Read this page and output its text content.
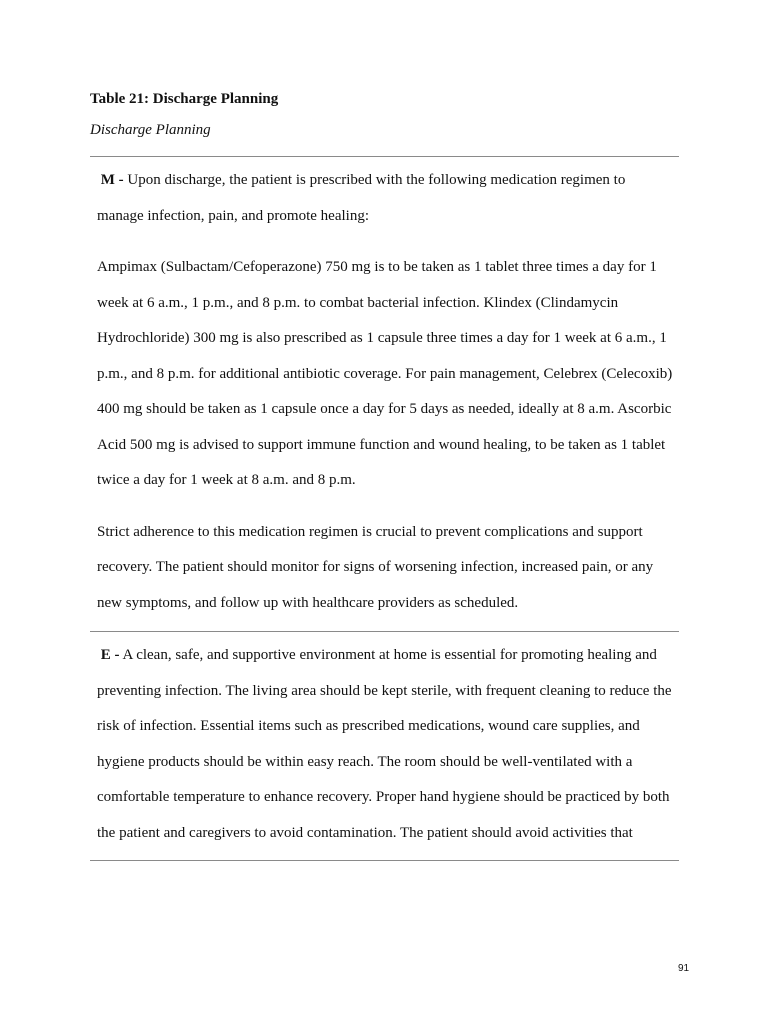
Table 21: Discharge Planning
Discharge Planning

M - Upon discharge, the patient is prescribed with the following medication regimen to manage infection, pain, and promote healing:

Ampimax (Sulbactam/Cefoperazone) 750 mg is to be taken as 1 tablet three times a day for 1 week at 6 a.m., 1 p.m., and 8 p.m. to combat bacterial infection. Klindex (Clindamycin Hydrochloride) 300 mg is also prescribed as 1 capsule three times a day for 1 week at 6 a.m., 1 p.m., and 8 p.m. for additional antibiotic coverage. For pain management, Celebrex (Celecoxib) 400 mg should be taken as 1 capsule once a day for 5 days as needed, ideally at 8 a.m. Ascorbic Acid 500 mg is advised to support immune function and wound healing, to be taken as 1 tablet twice a day for 1 week at 8 a.m. and 8 p.m.

Strict adherence to this medication regimen is crucial to prevent complications and support recovery. The patient should monitor for signs of worsening infection, increased pain, or any new symptoms, and follow up with healthcare providers as scheduled.

E - A clean, safe, and supportive environment at home is essential for promoting healing and preventing infection. The living area should be kept sterile, with frequent cleaning to reduce the risk of infection. Essential items such as prescribed medications, wound care supplies, and hygiene products should be within easy reach. The room should be well-ventilated with a comfortable temperature to enhance recovery. Proper hand hygiene should be practiced by both the patient and caregivers to avoid contamination. The patient should avoid activities that

91
